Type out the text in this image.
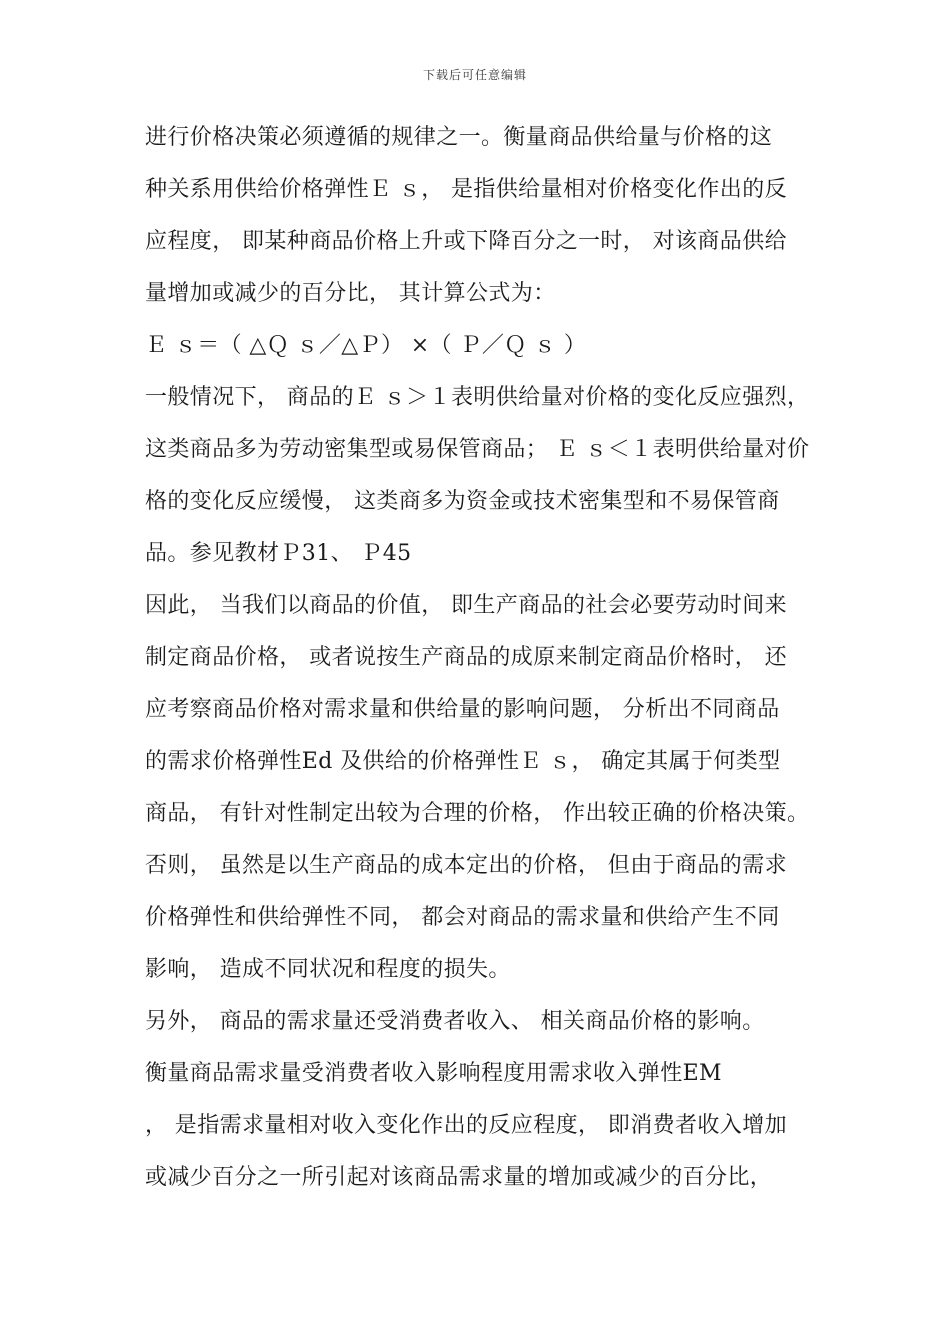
下载后可任意编辑
进行价格决策必须遵循的规律之一。衡量商品供给量与价格的这
种关系用供给价格弹性Ｅ ｓ， 是指供给量相对价格变化作出的反
应程度， 即某种商品价格上升或下降百分之一时， 对该商品供给
量增加或减少的百分比， 其计算公式为：
Ｅ ｓ＝（ △Ｑ ｓ／△Ｐ） ×（ Ｐ／Ｑ ｓ ）
一般情况下， 商品的Ｅ ｓ＞１表明供给量对价格的变化反应强烈，
这类商品多为劳动密集型或易保管商品； Ｅ ｓ＜１表明供给量对价
格的变化反应缓慢， 这类商多为资金或技术密集型和不易保管商
品。参见教材Ｐ31、 Ｐ45
因此， 当我们以商品的价值， 即生产商品的社会必要劳动时间来
制定商品价格， 或者说按生产商品的成原来制定商品价格时， 还
应考察商品价格对需求量和供给量的影响问题， 分析出不同商品
的需求价格弹性Ed 及供给的价格弹性Ｅ ｓ， 确定其属于何类型
商品， 有针对性制定出较为合理的价格， 作出较正确的价格决策。
否则， 虽然是以生产商品的成本定出的价格， 但由于商品的需求
价格弹性和供给弹性不同， 都会对商品的需求量和供给产生不同
影响， 造成不同状况和程度的损失。
另外， 商品的需求量还受消费者收入、 相关商品价格的影响。
衡量商品需求量受消费者收入影响程度用需求收入弹性EM
， 是指需求量相对收入变化作出的反应程度， 即消费者收入增加
或减少百分之一所引起对该商品需求量的增加或减少的百分比，
